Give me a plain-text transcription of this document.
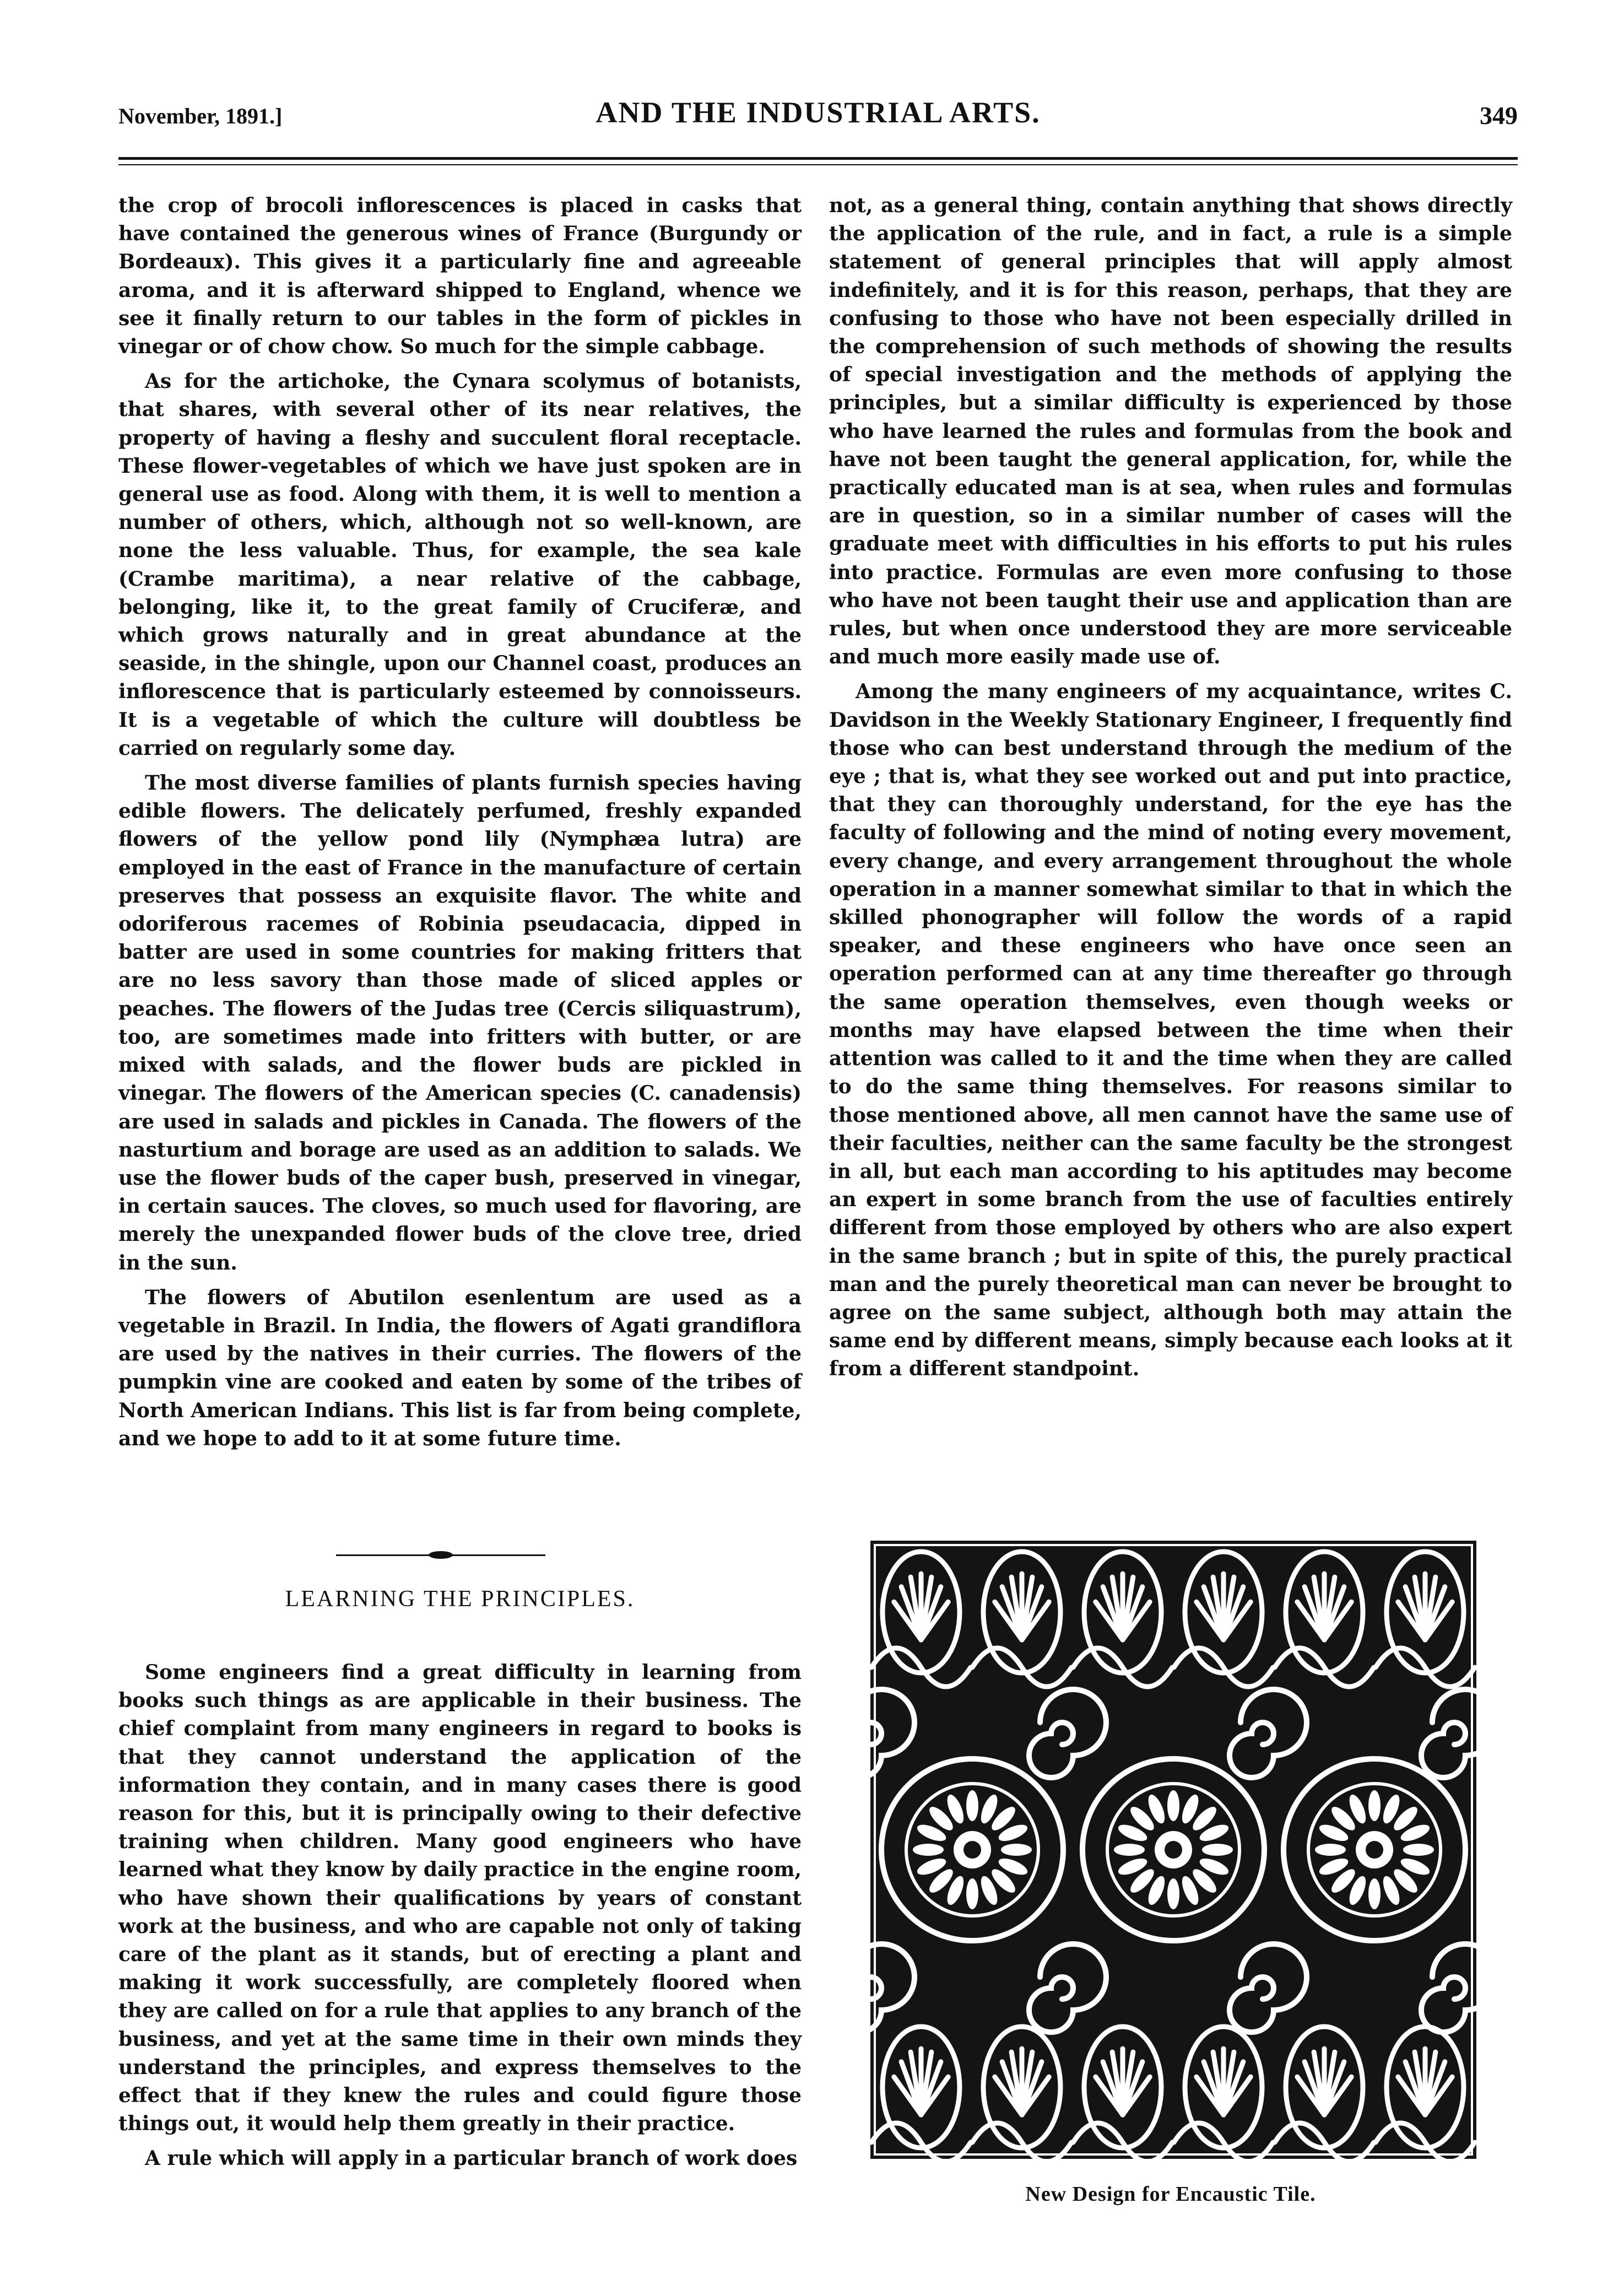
November, 1891.]	AND THE INDUSTRIAL ARTS.	349

the crop of brocoli inflorescences is placed in casks that have contained the generous wines of France (Burgundy or Bordeaux). This gives it a particularly fine and agreeable aroma, and it is afterward shipped to England, whence we see it finally return to our tables in the form of pickles in vinegar or of chow chow. So much for the simple cabbage.

As for the artichoke, the Cynara scolymus of botanists, that shares, with several other of its near relatives, the property of having a fleshy and succulent floral receptacle. These flower-vegetables of which we have just spoken are in general use as food. Along with them, it is well to mention a number of others, which, although not so well-known, are none the less valuable. Thus, for example, the sea kale (Crambe maritima), a near relative of the cabbage, belonging, like it, to the great family of Cruciferæ, and which grows naturally and in great abundance at the seaside, in the shingle, upon our Channel coast, produces an inflorescence that is particularly esteemed by connoisseurs. It is a vegetable of which the culture will doubtless be carried on regularly some day.

The most diverse families of plants furnish species having edible flowers. The delicately perfumed, freshly expanded flowers of the yellow pond lily (Nymphæa lutra) are employed in the east of France in the manufacture of certain preserves that possess an exquisite flavor. The white and odoriferous racemes of Robinia pseudacacia, dipped in batter are used in some countries for making fritters that are no less savory than those made of sliced apples or peaches. The flowers of the Judas tree (Cercis siliquastrum), too, are sometimes made into fritters with butter, or are mixed with salads, and the flower buds are pickled in vinegar. The flowers of the American species (C. canadensis) are used in salads and pickles in Canada. The flowers of the nasturtium and borage are used as an addition to salads. We use the flower buds of the caper bush, preserved in vinegar, in certain sauces. The cloves, so much used for flavoring, are merely the unexpanded flower buds of the clove tree, dried in the sun.

The flowers of Abutilon esenlentum are used as a vegetable in Brazil. In India, the flowers of Agati grandiflora are used by the natives in their curries. The flowers of the pumpkin vine are cooked and eaten by some of the tribes of North American Indians. This list is far from being complete, and we hope to add to it at some future time.

LEARNING THE PRINCIPLES.

Some engineers find a great difficulty in learning from books such things as are applicable in their business. The chief complaint from many engineers in regard to books is that they cannot understand the application of the information they contain, and in many cases there is good reason for this, but it is principally owing to their defective training when children. Many good engineers who have learned what they know by daily practice in the engine room, who have shown their qualifications by years of constant work at the business, and who are capable not only of taking care of the plant as it stands, but of erecting a plant and making it work successfully, are completely floored when they are called on for a rule that applies to any branch of the business, and yet at the same time in their own minds they understand the principles, and express themselves to the effect that if they knew the rules and could figure those things out, it would help them greatly in their practice.

A rule which will apply in a particular branch of work does

not, as a general thing, contain anything that shows directly the application of the rule, and in fact, a rule is a simple statement of general principles that will apply almost indefinitely, and it is for this reason, perhaps, that they are confusing to those who have not been especially drilled in the comprehension of such methods of showing the results of special investigation and the methods of applying the principles, but a similar difficulty is experienced by those who have learned the rules and formulas from the book and have not been taught the general application, for, while the practically educated man is at sea, when rules and formulas are in question, so in a similar number of cases will the graduate meet with difficulties in his efforts to put his rules into practice. Formulas are even more confusing to those who have not been taught their use and application than are rules, but when once understood they are more serviceable and much more easily made use of.

Among the many engineers of my acquaintance, writes C. Davidson in the Weekly Stationary Engineer, I frequently find those who can best understand through the medium of the eye ; that is, what they see worked out and put into practice, that they can thoroughly understand, for the eye has the faculty of following and the mind of noting every movement, every change, and every arrangement throughout the whole operation in a manner somewhat similar to that in which the skilled phonographer will follow the words of a rapid speaker, and these engineers who have once seen an operation performed can at any time thereafter go through the same operation themselves, even though weeks or months may have elapsed between the time when their attention was called to it and the time when they are called to do the same thing themselves. For reasons similar to those mentioned above, all men cannot have the same use of their faculties, neither can the same faculty be the strongest in all, but each man according to his aptitudes may become an expert in some branch from the use of faculties entirely different from those employed by others who are also expert in the same branch ; but in spite of this, the purely practical man and the purely theoretical man can never be brought to agree on the same subject, although both may attain the same end by different means, simply because each looks at it from a different standpoint.

New Design for Encaustic Tile.
